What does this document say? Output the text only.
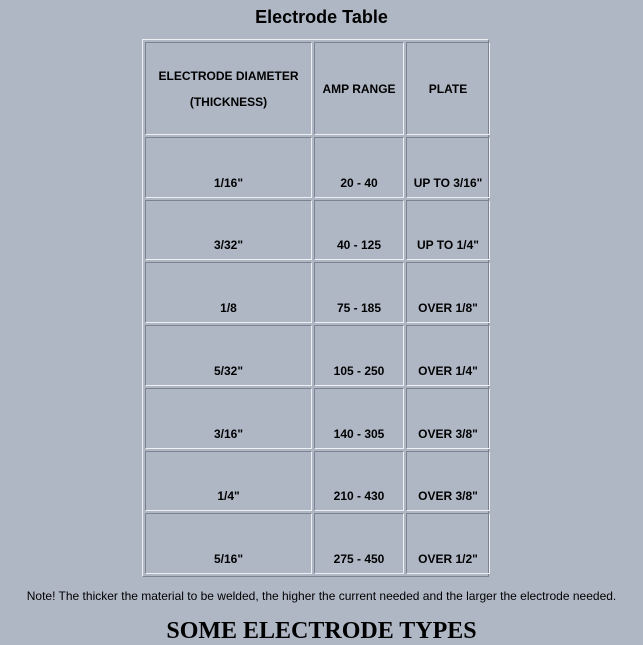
Electrode Table
ELECTRODE DIAMETER
(THICKNESS)	AMP RANGE	PLATE
1/16"	20 - 40	UP TO 3/16"
3/32"	40 - 125	UP TO 1/4"
1/8	75 - 185	OVER 1/8"
5/32"	105 - 250	OVER 1/4"
3/16"	140 - 305	OVER 3/8"
1/4"	210 - 430	OVER 3/8"
5/16"	275 - 450	OVER 1/2"
Note! The thicker the material to be welded, the higher the current needed and the larger the electrode needed.
SOME ELECTRODE TYPES
